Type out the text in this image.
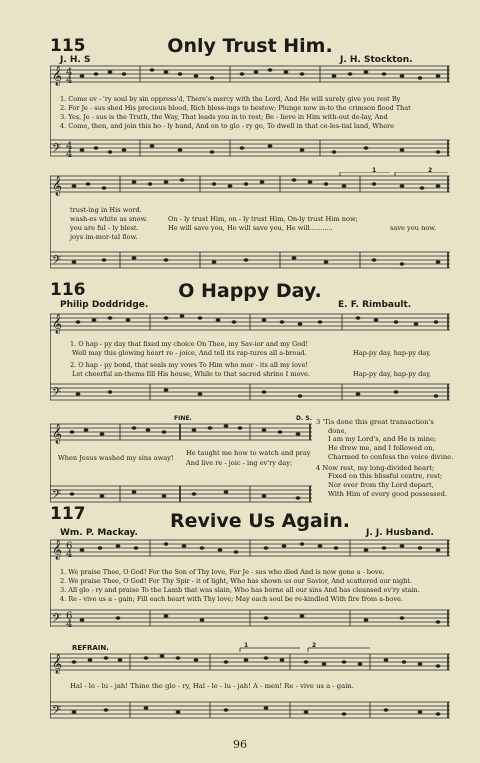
115	Only Trust Him.
J. H. S	J. H. Stockton.
𝄞
𝄢
4
4
4
4
1. Come ev - 'ry soul by sin oppress'd, There's mercy with the Lord, And He will surely give you rest By
2. For Je - sus shed His precious blood, Rich bless-ings to bestow; Plunge now in-to the crimson flood That
3. Yes, Je - sus is the Truth, the Way, That leads you in to rest; Be - lieve in Him with-out de-lay, And
4. Come, then, and join this ho - ly band, And on to glo - ry go, To dwell in that ce-les-tial land, Where
𝄞
𝄢
1	2
trust-ing in His word.
wash-es white as snow.
you are ful - ly blest.
joys im-mor-tal flow.
On - ly trust Him, on - ly trust Him, On-ly trust Him now;
He will save you, He will save you, He will...........	save you now.
116	O Happy Day.
Philip Doddridge.	E. F. Rimbault.
𝄞
𝄢
1. O hap - py day that fixed my choice On Thee, my Sav-ior and my God!
Well may this glowing heart re - joice, And tell its rap-tures all a-broad.
2. O hap - py bond, that seals my vows To Him who mer - its all my love!
Let cheerful an-thems fill His house, While to that sacred shrine I move.
Hap-py day, hap-py day,
Hap-py day, hap-py day,
𝄞
𝄢
FINE.	D. S.
When Jesus washed my sins away!
He taught me how to watch and pray
And live re - joic - ing ev'ry day;
3 'Tis done this great transaction's
done,
I am my Lord's, and He is mine;
He drew me, and I followed on,
Charmed to confess the voice divine.
4 Now rest, my long-divided heart;
Fixed on this blissful centre, rest;
Nor ever from thy Lord depart,
With Him of every good possessed.
117	Revive Us Again.
Wm. P. Mackay.	J. J. Husband.
𝄞
𝄢
6
4
6
4
1. We praise Thee, O God! For the Son of Thy love, For Je - sus who died And is now gone a - bove.
2. We praise Thee, O God! For Thy Spir - it of light, Who has shown us our Savior, And scattered our night.
3. All glo - ry and praise To the Lamb that was slain, Who has borne all our sins And has cleansed ev'ry stain.
4. Re - vive us a - gain; Fill each heart with Thy love; May each soul be re-kindled With fire from a-bove.
𝄞
𝄢
1	2
REFRAIN.
Hal - le - lu - jah! Thine the glo - ry, Hal - le - lu - jah! A - men! Re - vive us a - gain.
96
